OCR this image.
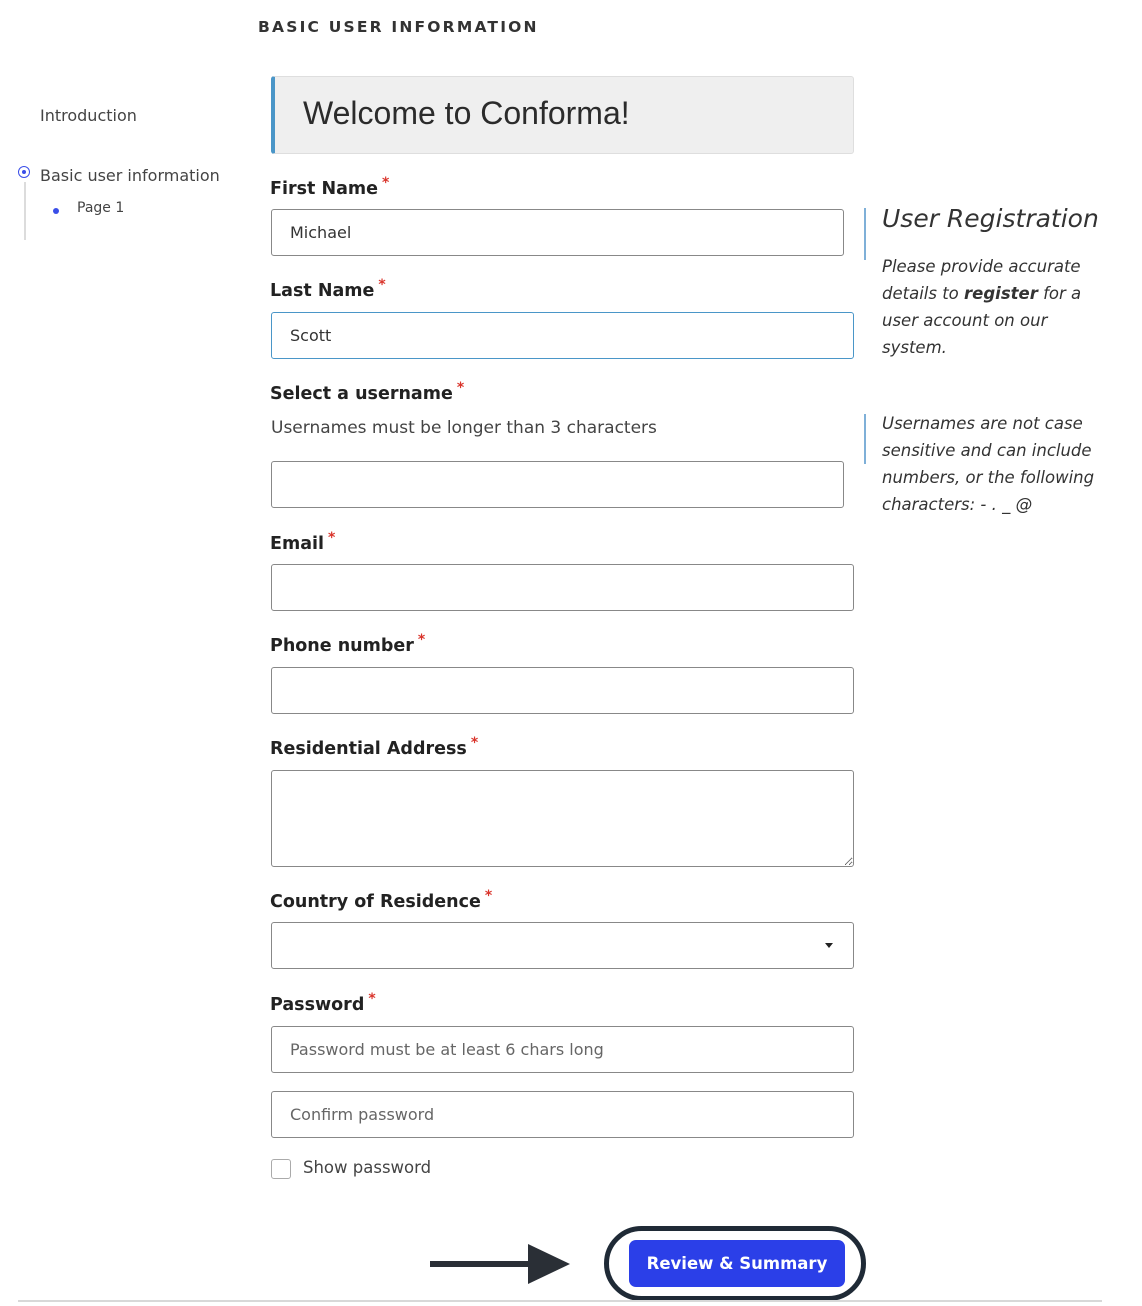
BASIC USER INFORMATION
Introduction
Basic user information
Page 1
Welcome to Conforma!
First Name *
Michael
Last Name *
Scott
Select a username *
Usernames must be longer than 3 characters
Email *
Phone number *
Residential Address *
Country of Residence *
Password *
Show password
User Registration
Please provide accurate details to register for a user account on our system.
Usernames are not case sensitive and can include numbers, or the following characters: - . _ @
Review & Summary
